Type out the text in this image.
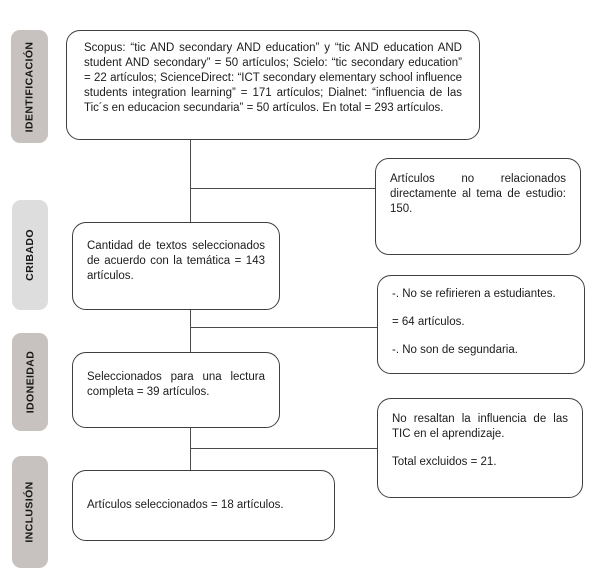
IDENTIFICACIÓN
CRIBADO
IDONEIDAD
INCLUSIÓN

Scopus: “tic AND secondary AND education” y “tic AND education AND student AND secondary” = 50 artículos; Scielo: “tic secondary education” = 22 artículos; ScienceDirect: “ICT secondary elementary school influence students integration learning” = 171 artículos; Dialnet: “influencia de las Tic´s en educacion secundaria” = 50 artículos. En total = 293 artículos.

Cantidad de textos seleccionados de acuerdo con la temática = 143 artículos.

Seleccionados para una lectura completa = 39 artículos.

Artículos seleccionados = 18 artículos.

Artículos no relacionados directamente al tema de estudio: 150.

-. No se refirieren a estudiantes.

= 64 artículos.

-. No son de segundaria.

No resaltan la influencia de las TIC en el aprendizaje.

Total excluidos = 21.
